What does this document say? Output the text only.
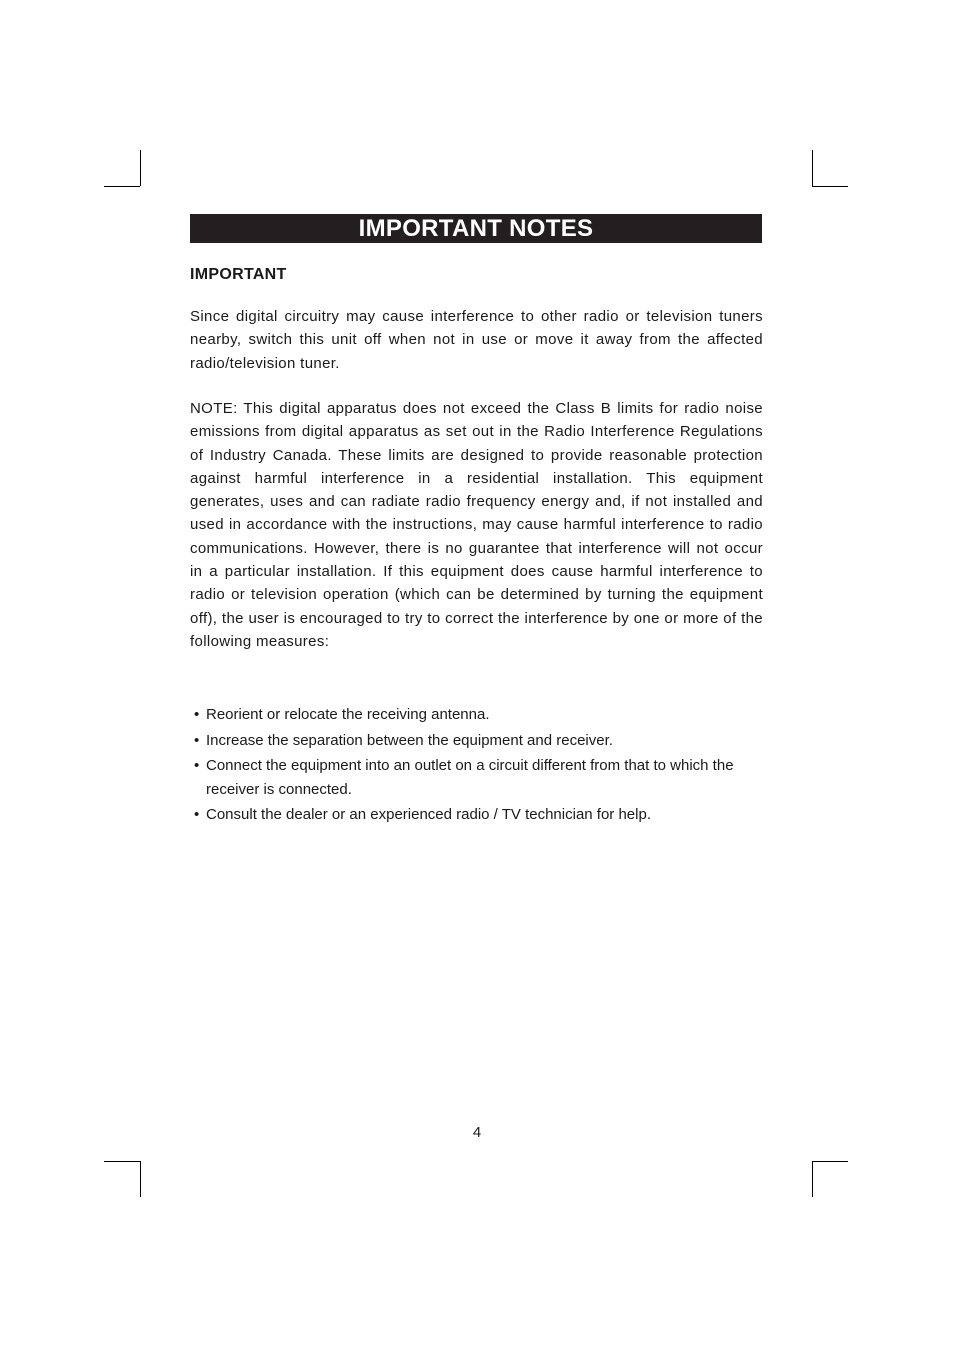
IMPORTANT NOTES
IMPORTANT
Since digital circuitry may cause interference to other radio or television tuners nearby, switch this unit off when not in use or move it away from the affected radio/television tuner.
NOTE: This digital apparatus does not exceed the Class B limits for radio noise emissions from digital apparatus as set out in the Radio Interference Regulations of Industry Canada. These limits are designed to provide reasonable protection against harmful interference in a residential installation. This equipment generates, uses and can radiate radio frequency energy and, if not installed and used in accordance with the instructions, may cause harmful interference to radio communications. However, there is no guarantee that interference will not occur in a particular installation. If this equipment does cause harmful interference to radio or television operation (which can be determined by turning the equipment off), the user is encouraged to try to correct the interference by one or more of the following measures:
• Reorient or relocate the receiving antenna.
• Increase the separation between the equipment and receiver.
• Connect the equipment into an outlet on a circuit different from that to which the receiver is connected.
• Consult the dealer or an experienced radio / TV technician for help.
4
